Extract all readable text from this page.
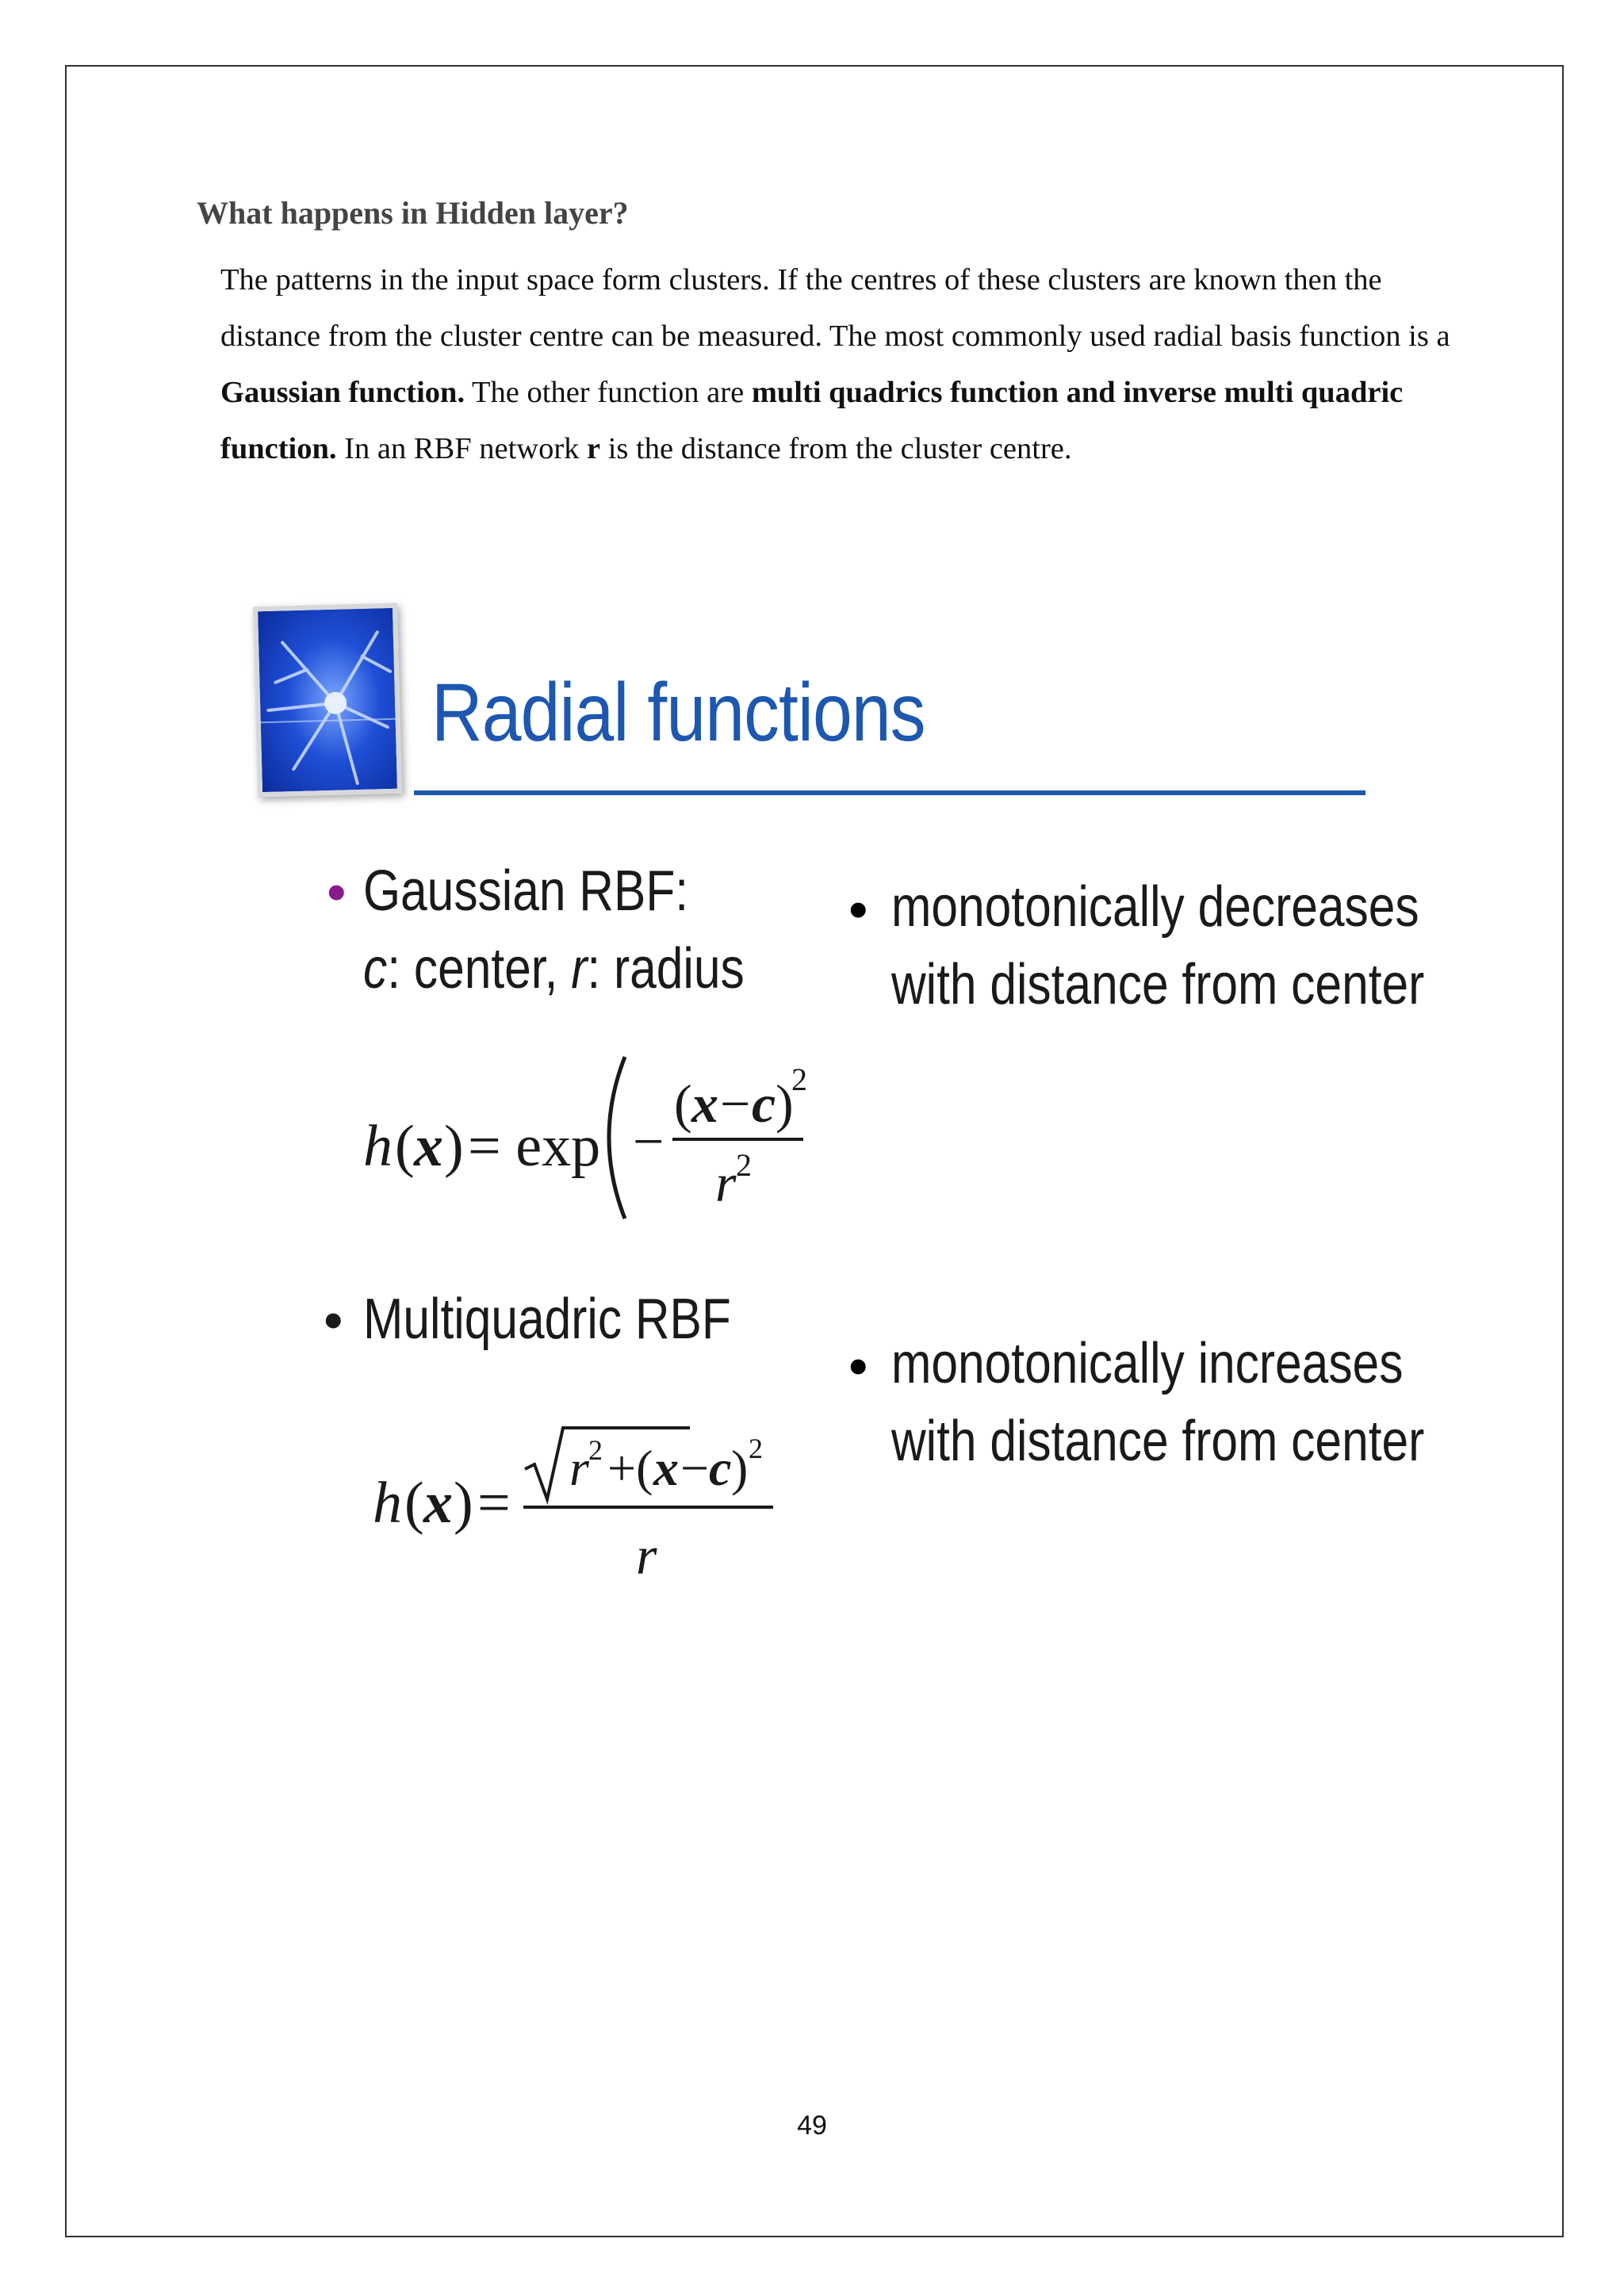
What happens in Hidden layer?
The patterns in the input space form clusters. If the centres of these clusters are known then the distance from the cluster centre can be measured. The most commonly used radial basis function is a Gaussian function. The other function are multi quadrics function and inverse multi quadric function. In an RBF network r is the distance from the cluster centre.
Radial functions
• Gaussian RBF:
c: center, r: radius
h ( x ) = exp −
( x − c )
2
r 2
• Multiquadric RBF
h ( x ) =
r 2 +( x − c ) 2
r
• monotonically decreases
with distance from center
• monotonically increases
with distance from center
49
